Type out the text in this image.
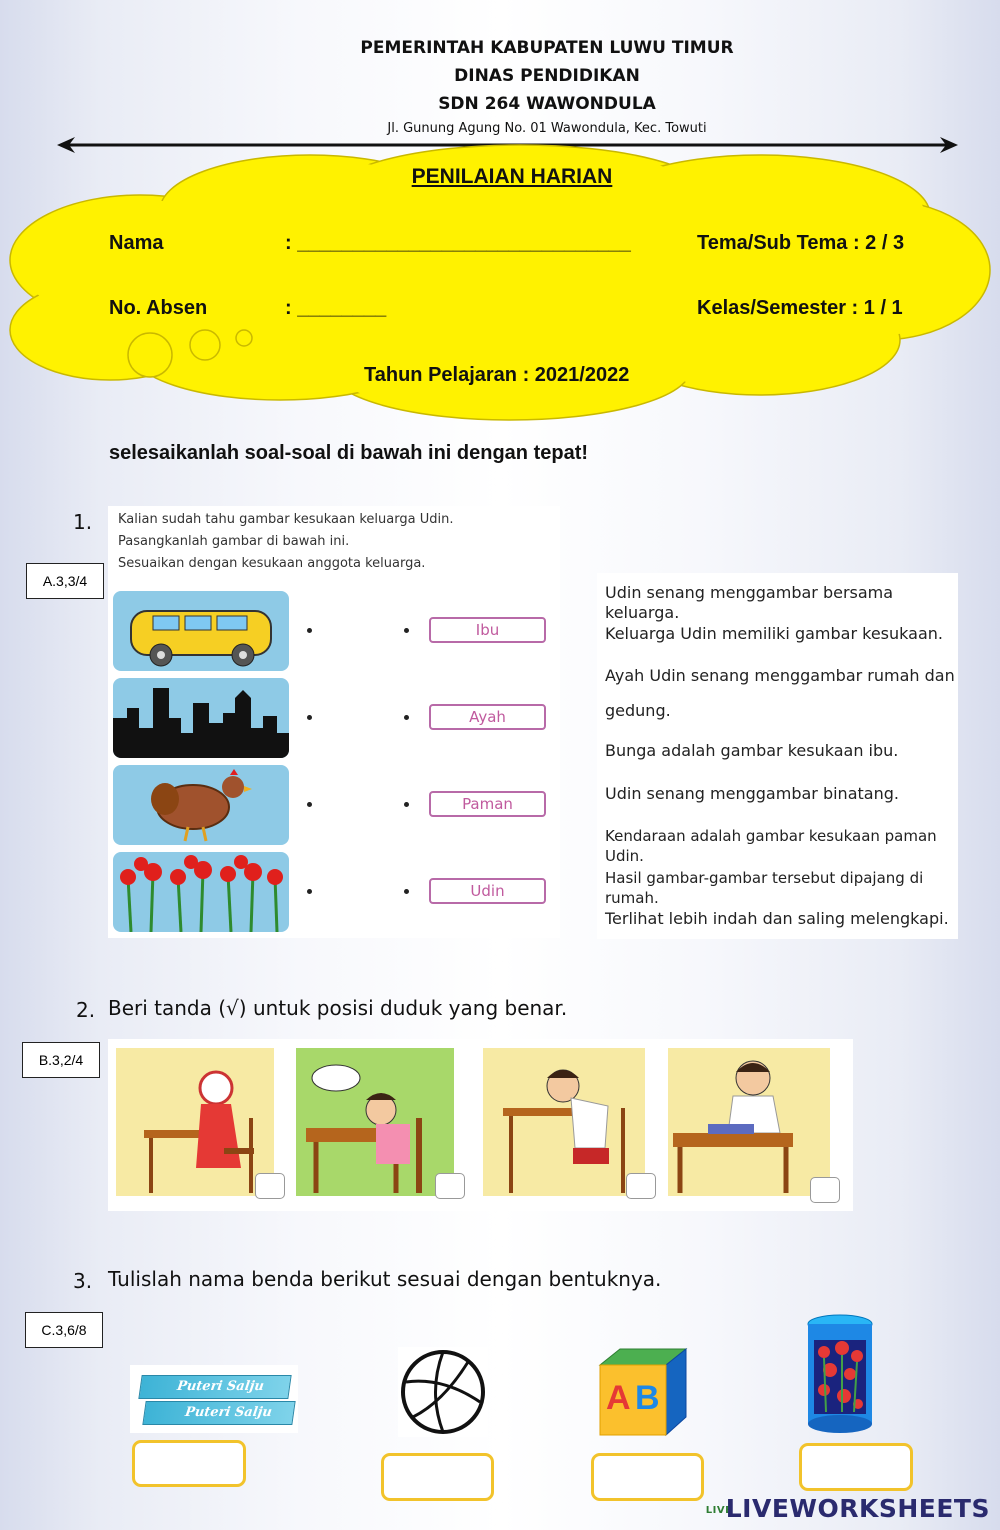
PEMERINTAH KABUPATEN LUWU TIMUR
DINAS PENDIDIKAN
SDN 264 WAWONDULA
Jl. Gunung Agung No. 01 Wawondula, Kec. Towuti
PENILAIAN HARIAN
Nama	: ______________________________	Tema/Sub Tema : 2 / 3
No. Absen	: ________	Kelas/Semester : 1 / 1
Tahun Pelajaran : 2021/2022
selesaikanlah soal-soal di bawah ini dengan tepat!
1.
A.3,3/4
Kalian sudah tahu gambar kesukaan keluarga Udin.
Pasangkanlah gambar di bawah ini.
Sesuaikan dengan kesukaan anggota keluarga.
Ibu
Ayah
Paman
Udin
Udin senang menggambar bersama keluarga.
Keluarga Udin memiliki gambar kesukaan.
Ayah Udin senang menggambar rumah dan
gedung.
Bunga adalah gambar kesukaan ibu.
Udin senang menggambar binatang.
Kendaraan adalah gambar kesukaan paman Udin.
Hasil gambar-gambar tersebut dipajang di rumah.
Terlihat lebih indah dan saling melengkapi.
2. Beri tanda (√) untuk posisi duduk yang benar.
B.3,2/4
3. Tulislah nama benda berikut sesuai dengan bentuknya.
C.3,6/8
Puteri Salju
Puteri Salju	A B
LIVELIVEWORKSHEETS
